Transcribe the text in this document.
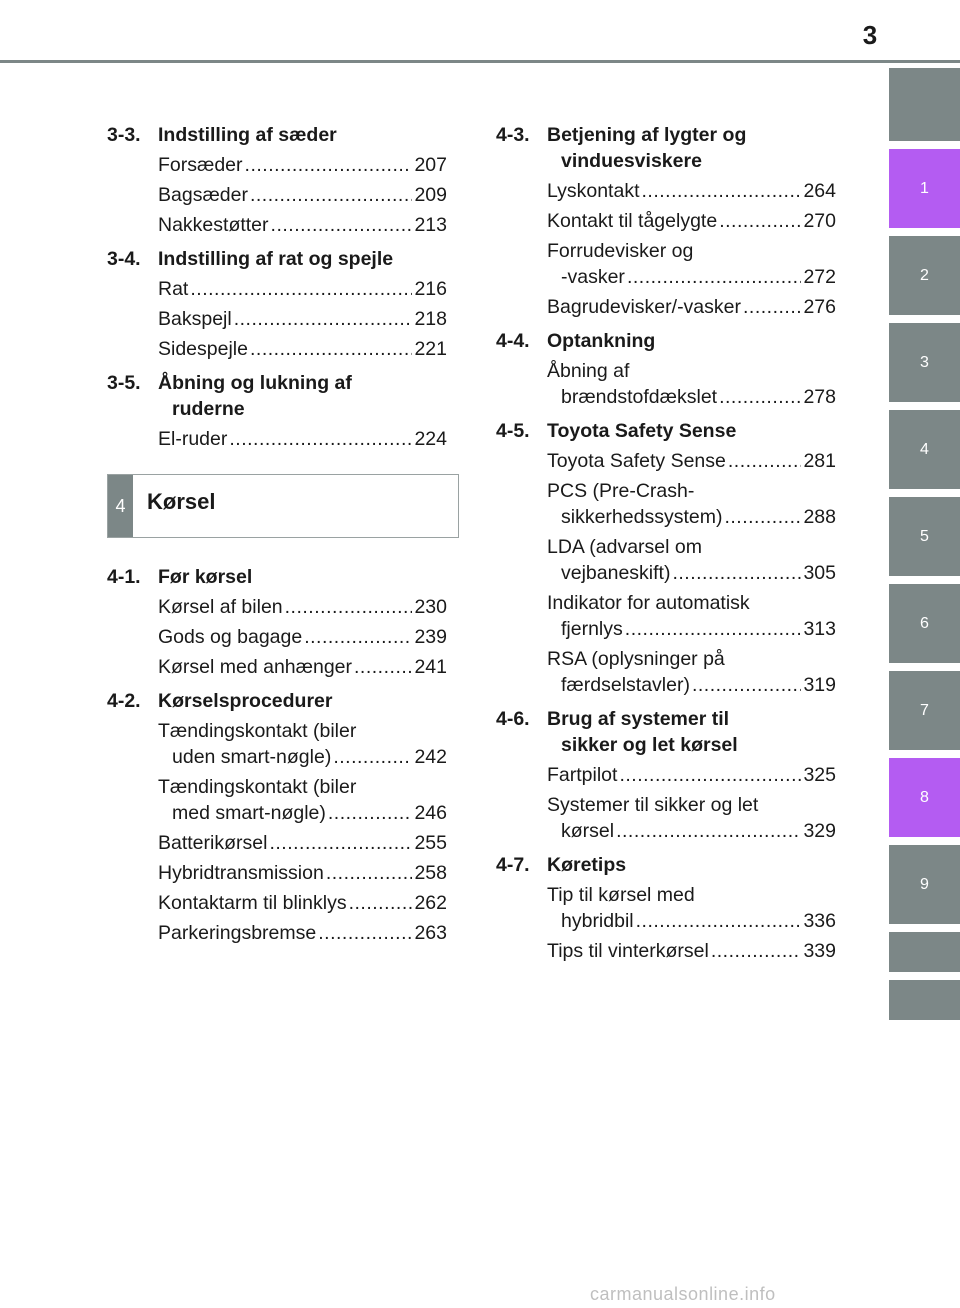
3
1
2
3
4
5
6
7
8
9
3-3. Indstilling af sæder
Forsæder .....	207
Bagsæder .....	209
Nakkestøtter .....	213
3-4. Indstilling af rat og spejle
Rat .....	216
Bakspejl .....	218
Sidespejle .....	221
3-5. Åbning og lukning af
ruderne
El-ruder .....	224
4 Kørsel
4-1. Før kørsel
Kørsel af bilen .....	230
Gods og bagage .....	239
Kørsel med anhænger .....	241
4-2. Kørselsprocedurer
Tændingskontakt (biler
uden smart-nøgle) .....	242
Tændingskontakt (biler
med smart-nøgle) .....	246
Batterikørsel .....	255
Hybridtransmission .....	258
Kontaktarm til blinklys .....	262
Parkeringsbremse .....	263
4-3. Betjening af lygter og
vinduesviskere
Lyskontakt .....	264
Kontakt til tågelygte .....	270
Forrudevisker og
-vasker .....	272
Bagrudevisker/-vasker .....	276
4-4. Optankning
Åbning af
brændstofdækslet .....	278
4-5. Toyota Safety Sense
Toyota Safety Sense .....	281
PCS (Pre-Crash-
sikkerhedssystem) .....	288
LDA (advarsel om
vejbaneskift) .....	305
Indikator for automatisk
fjernlys .....	313
RSA (oplysninger på
færdselstavler) .....	319
4-6. Brug af systemer til
sikker og let kørsel
Fartpilot .....	325
Systemer til sikker og let
kørsel .....	329
4-7. Køretips
Tip til kørsel med
hybridbil .....	336
Tips til vinterkørsel .....	339
carmanualsonline.info
